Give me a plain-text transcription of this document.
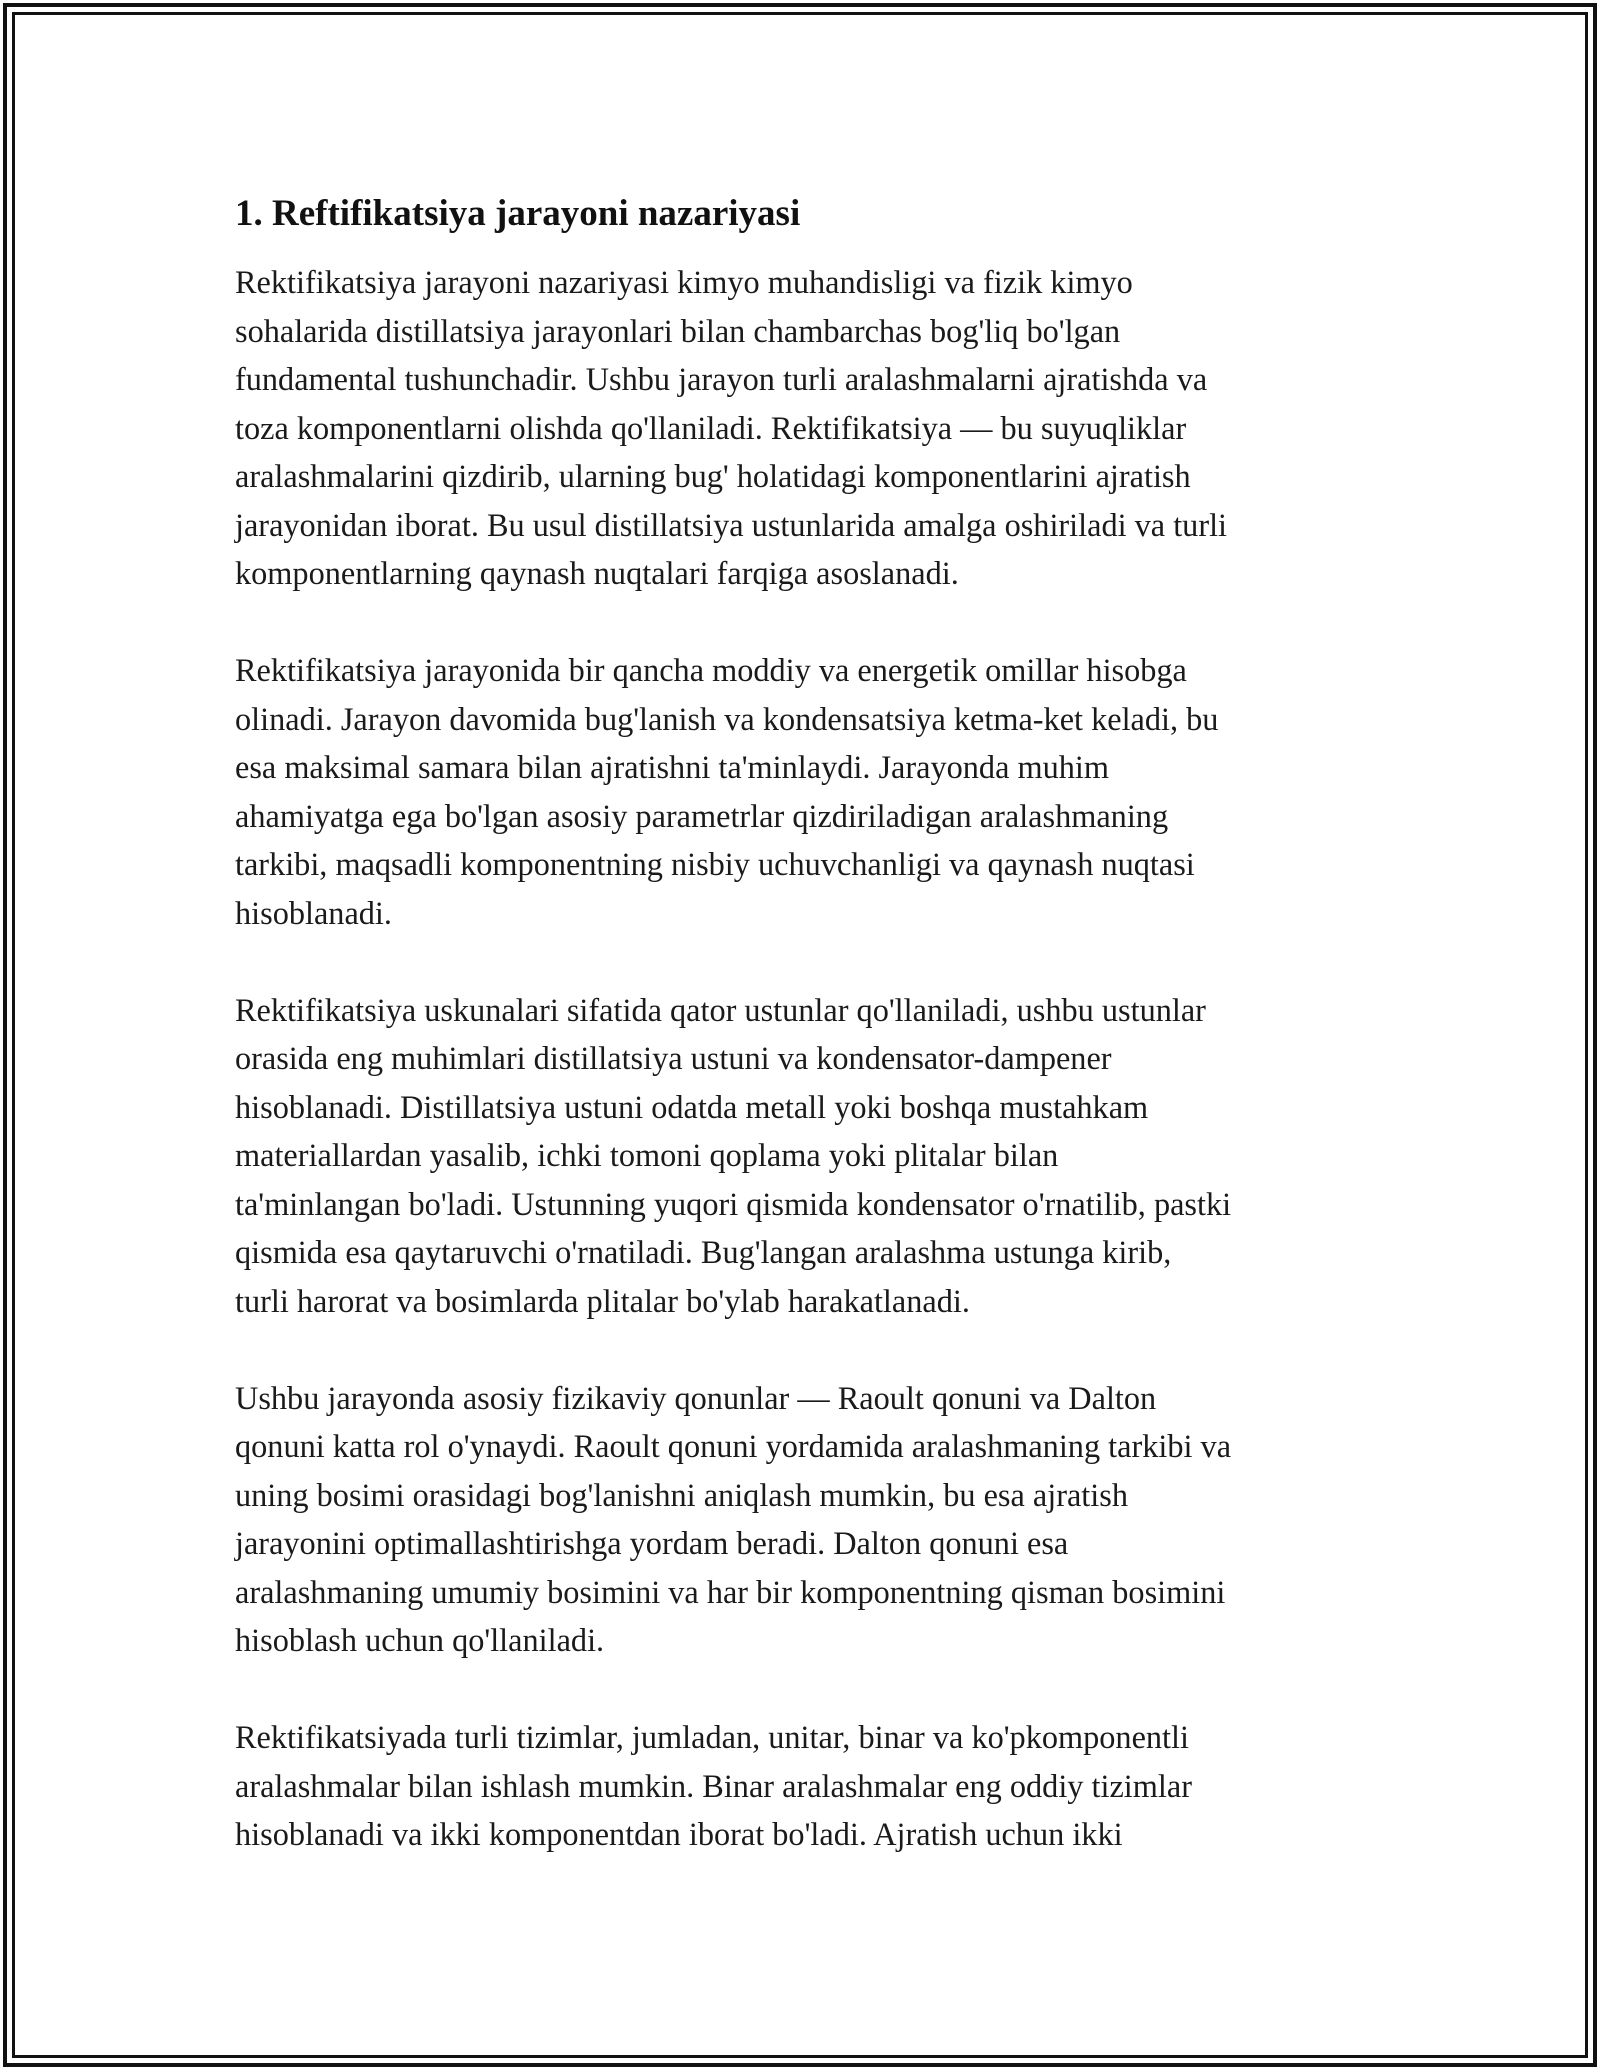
1. Reftifikatsiya jarayoni nazariyasi
Rektifikatsiya jarayoni nazariyasi kimyo muhandisligi va fizik kimyo
sohalarida distillatsiya jarayonlari bilan chambarchas bog'liq bo'lgan
fundamental tushunchadir. Ushbu jarayon turli aralashmalarni ajratishda va
toza komponentlarni olishda qo'llaniladi. Rektifikatsiya — bu suyuqliklar
aralashmalarini qizdirib, ularning bug' holatidagi komponentlarini ajratish
jarayonidan iborat. Bu usul distillatsiya ustunlarida amalga oshiriladi va turli
komponentlarning qaynash nuqtalari farqiga asoslanadi.
Rektifikatsiya jarayonida bir qancha moddiy va energetik omillar hisobga
olinadi. Jarayon davomida bug'lanish va kondensatsiya ketma-ket keladi, bu
esa maksimal samara bilan ajratishni ta'minlaydi. Jarayonda muhim
ahamiyatga ega bo'lgan asosiy parametrlar qizdiriladigan aralashmaning
tarkibi, maqsadli komponentning nisbiy uchuvchanligi va qaynash nuqtasi
hisoblanadi.
Rektifikatsiya uskunalari sifatida qator ustunlar qo'llaniladi, ushbu ustunlar
orasida eng muhimlari distillatsiya ustuni va kondensator-dampener
hisoblanadi. Distillatsiya ustuni odatda metall yoki boshqa mustahkam
materiallardan yasalib, ichki tomoni qoplama yoki plitalar bilan
ta'minlangan bo'ladi. Ustunning yuqori qismida kondensator o'rnatilib, pastki
qismida esa qaytaruvchi o'rnatiladi. Bug'langan aralashma ustunga kirib,
turli harorat va bosimlarda plitalar bo'ylab harakatlanadi.
Ushbu jarayonda asosiy fizikaviy qonunlar — Raoult qonuni va Dalton
qonuni katta rol o'ynaydi. Raoult qonuni yordamida aralashmaning tarkibi va
uning bosimi orasidagi bog'lanishni aniqlash mumkin, bu esa ajratish
jarayonini optimallashtirishga yordam beradi. Dalton qonuni esa
aralashmaning umumiy bosimini va har bir komponentning qisman bosimini
hisoblash uchun qo'llaniladi.
Rektifikatsiyada turli tizimlar, jumladan, unitar, binar va ko'pkomponentli
aralashmalar bilan ishlash mumkin. Binar aralashmalar eng oddiy tizimlar
hisoblanadi va ikki komponentdan iborat bo'ladi. Ajratish uchun ikki
